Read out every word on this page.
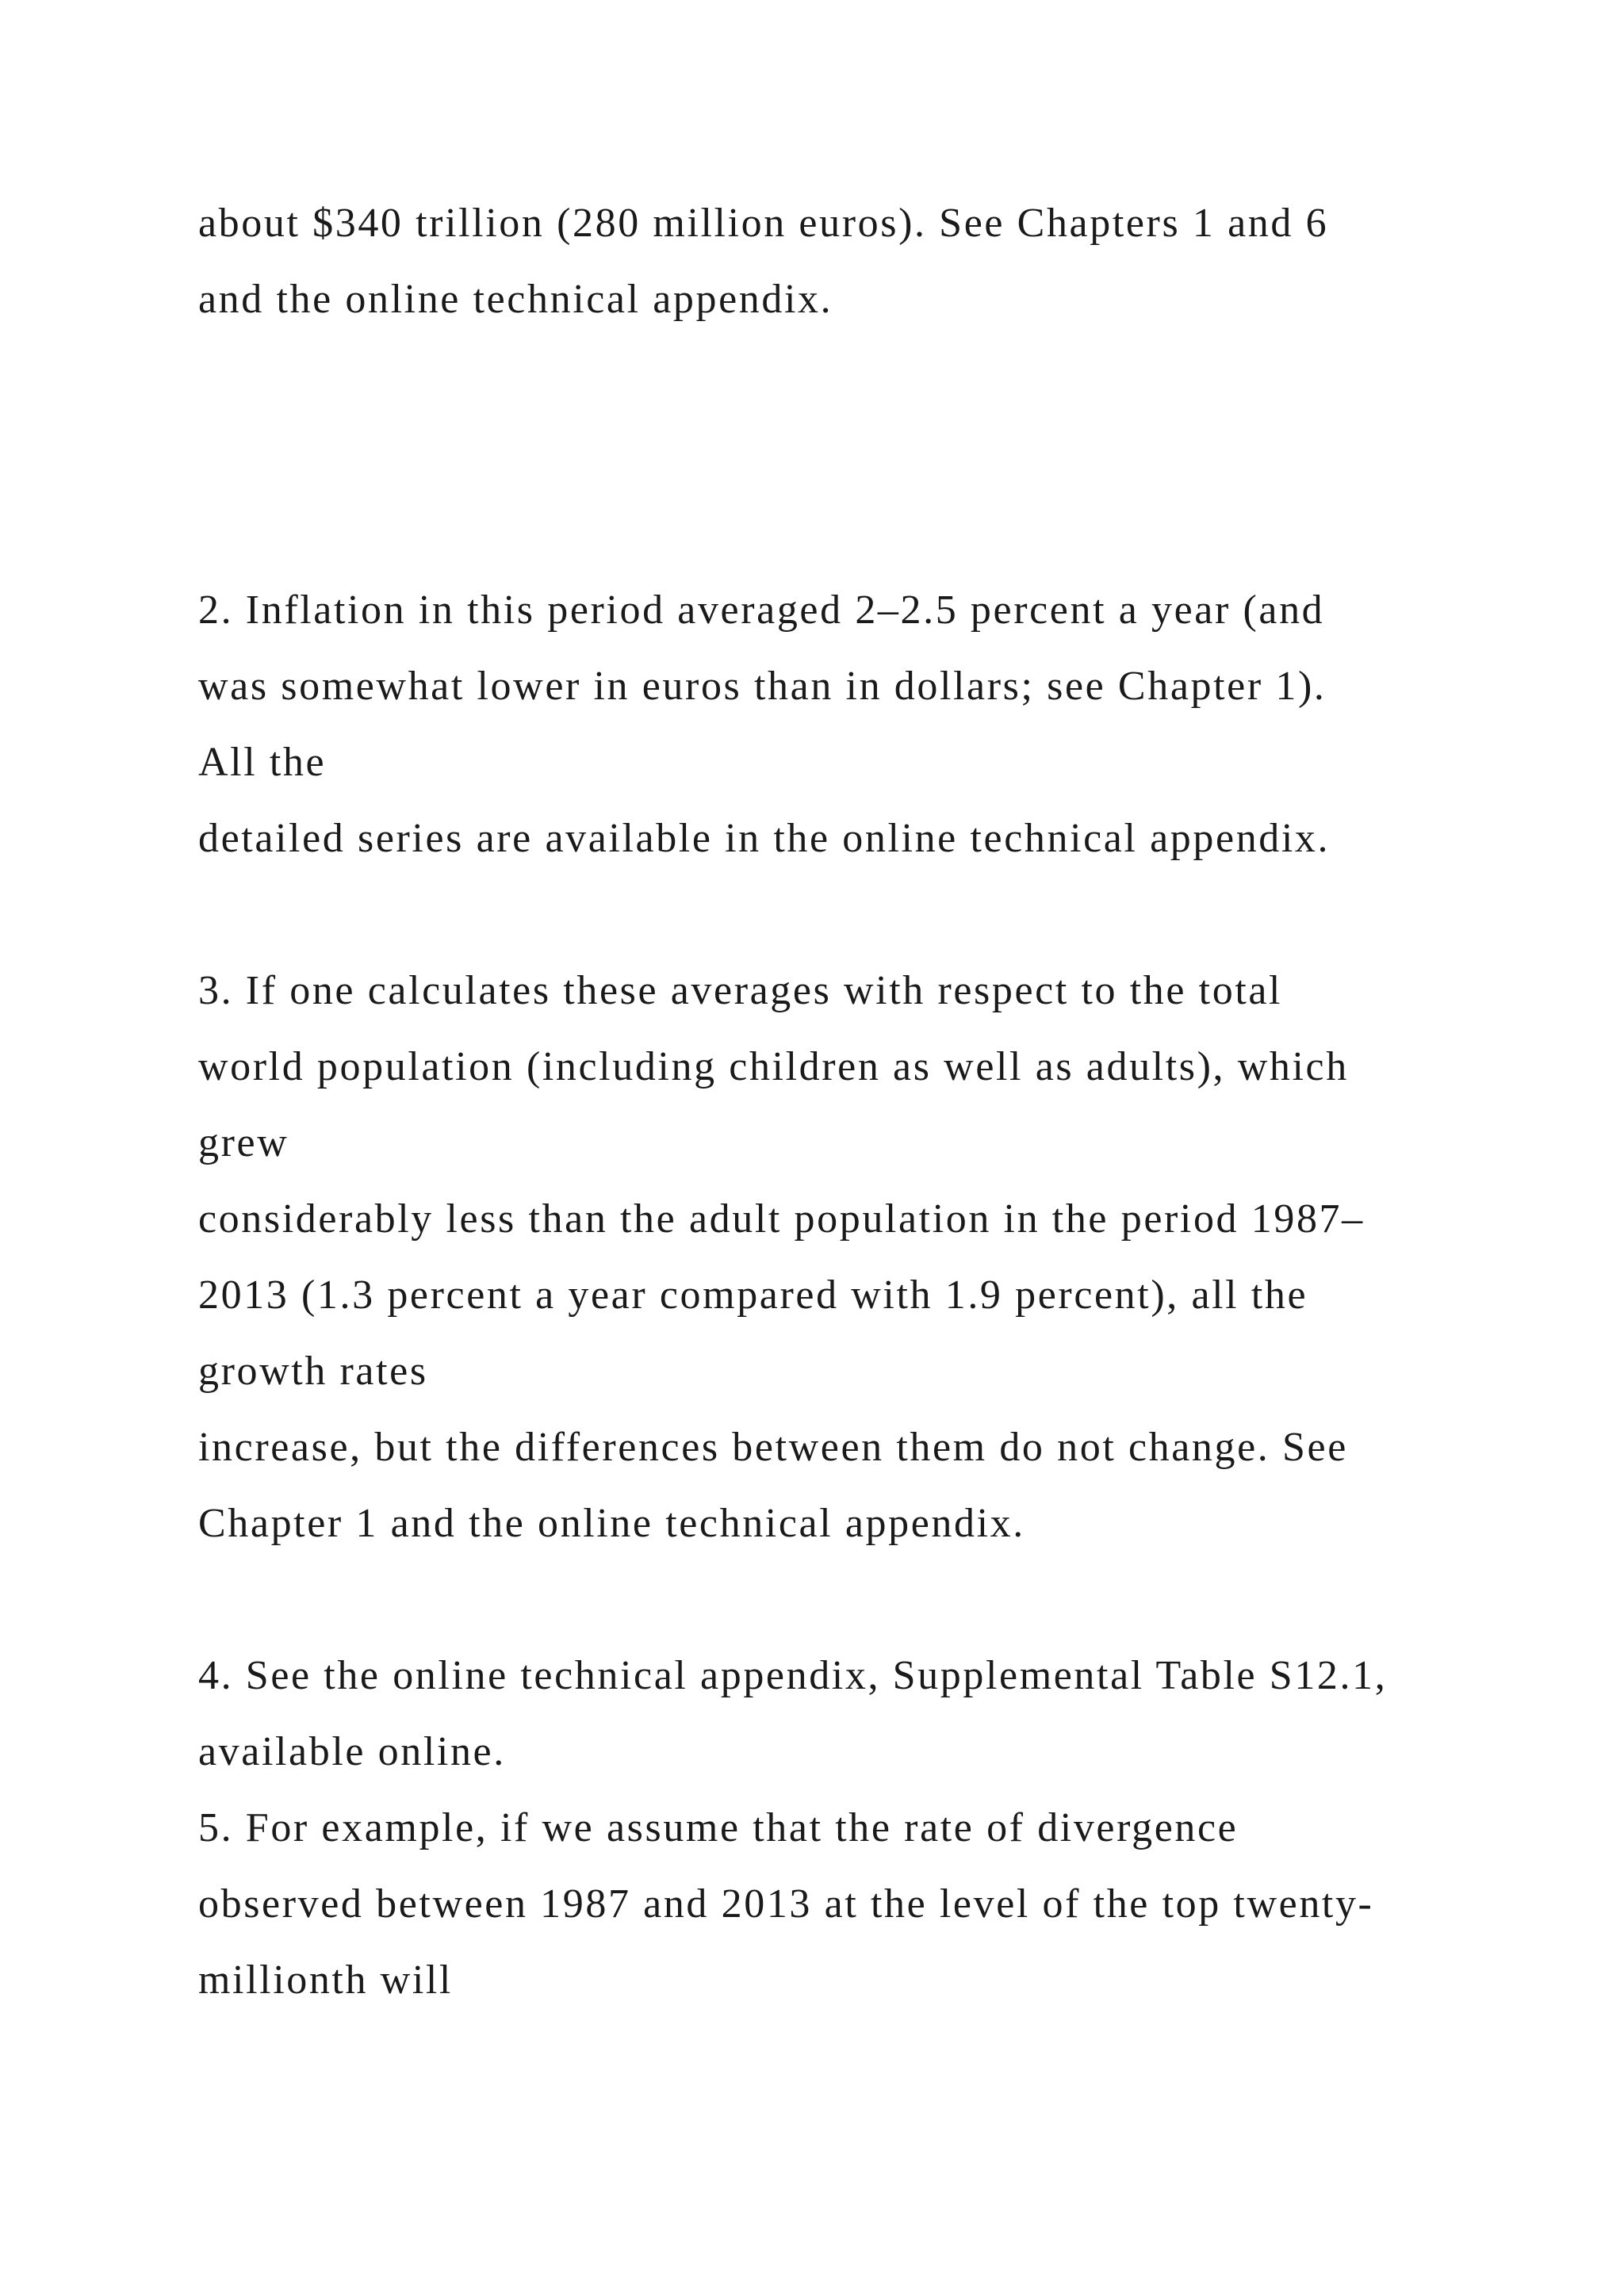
about $340 trillion (280 million euros). See Chapters 1 and 6
and the online technical appendix.
2. Inflation in this period averaged 2–2.5 percent a year (and
was somewhat lower in euros than in dollars; see Chapter 1).
All the
detailed series are available in the online technical appendix.
3. If one calculates these averages with respect to the total
world population (including children as well as adults), which
grew
considerably less than the adult population in the period 1987–
2013 (1.3 percent a year compared with 1.9 percent), all the
growth rates
increase, but the differences between them do not change. See
Chapter 1 and the online technical appendix.
4. See the online technical appendix, Supplemental Table S12.1,
available online.
5. For example, if we assume that the rate of divergence
observed between 1987 and 2013 at the level of the top twenty-
millionth will
